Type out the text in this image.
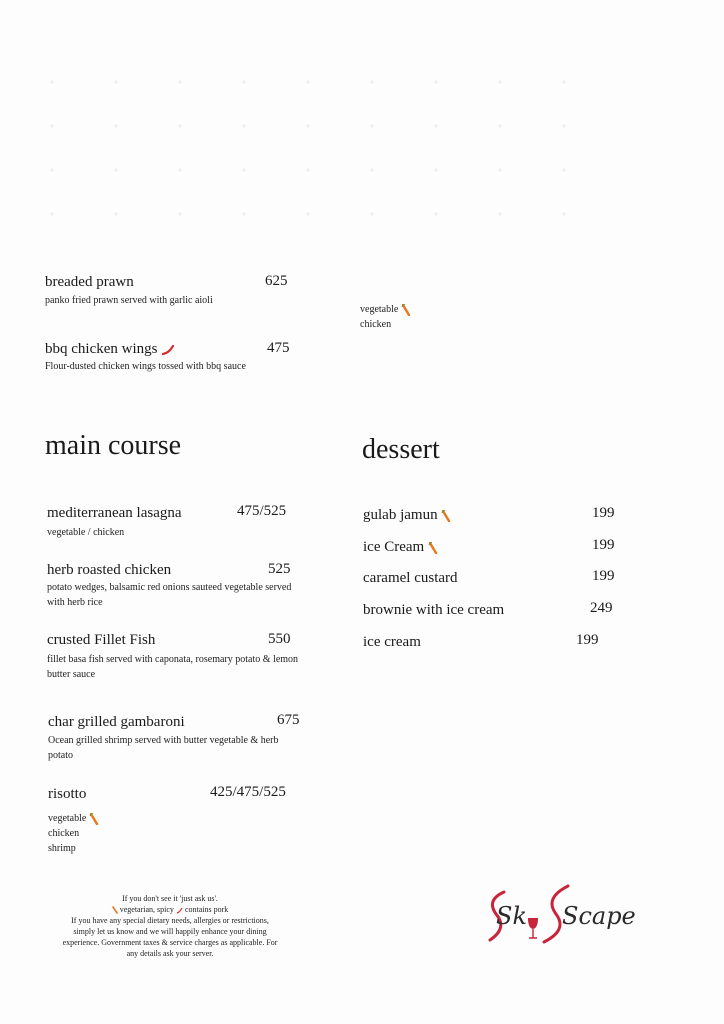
breaded prawn	625
panko fried prawn served with garlic aioli
bbq chicken wings	475
Flour-dusted chicken wings tossed with bbq sauce
vegetable
chicken
main course	dessert
mediterranean lasagna	475/525
vegetable / chicken
herb roasted chicken	525
potato wedges, balsamic red onions sauteed vegetable served with herb rice
crusted Fillet Fish	550
fillet basa fish served with caponata, rosemary potato & lemon butter sauce
char grilled gambaroni	675
Ocean grilled shrimp served with butter vegetable & herb potato
risotto	425/475/525
vegetable
chicken
shrimp
gulab jamun	199
ice Cream	199
caramel custard	199
brownie with ice cream	249
ice cream	199
If you don't see it 'just ask us'.
vegetarian, spicy contains pork
If you have any special dietary needs, allergies or restrictions,
simply let us know and we will happily enhance your dining
experience. Government taxes & service charges as applicable. For
any details ask your server.
Sk Scape
